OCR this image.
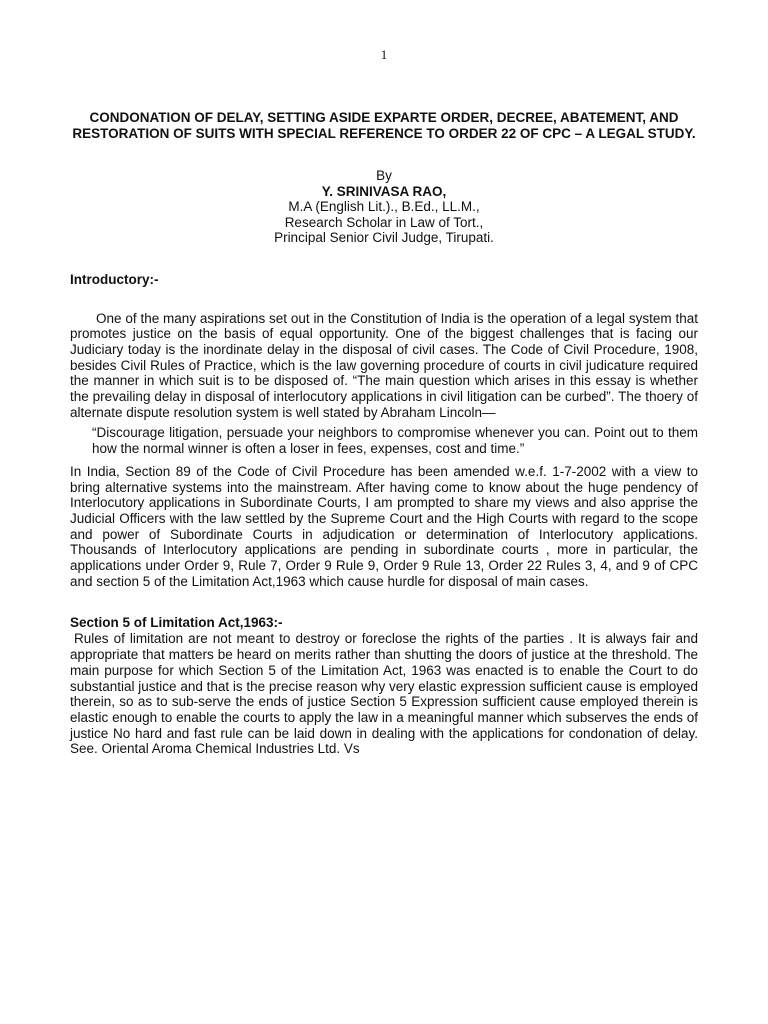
1
CONDONATION OF DELAY, SETTING ASIDE EXPARTE ORDER, DECREE, ABATEMENT, AND RESTORATION OF SUITS WITH SPECIAL REFERENCE TO ORDER 22 OF CPC – A LEGAL STUDY.
By
Y. SRINIVASA RAO,
M.A (English Lit.)., B.Ed., LL.M.,
Research Scholar in Law of Tort.,
Principal Senior Civil Judge, Tirupati.
Introductory:-

One of the many aspirations set out in the Constitution of India is the operation of a legal system that promotes justice on the basis of equal opportunity. One of the biggest challenges that is facing our Judiciary today is the inordinate delay in the disposal of civil cases. The Code of Civil Procedure, 1908, besides Civil Rules of Practice, which is the law governing procedure of courts in civil judicature required the manner in which suit is to be disposed of. “The main question which arises in this essay is whether the prevailing delay in disposal of interlocutory applications in civil litigation can be curbed”. The thoery of alternate dispute resolution system is well stated by Abraham Lincoln—

“Discourage litigation, persuade your neighbors to compromise whenever you can. Point out to them how the normal winner is often a loser in fees, expenses, cost and time.”

In India, Section 89 of the Code of Civil Procedure has been amended w.e.f. 1-7-2002 with a view to bring alternative systems into the mainstream. After having come to know about the huge pendency of Interlocutory applications in Subordinate Courts, I am prompted to share my views and also apprise the Judicial Officers with the law settled by the Supreme Court and the High Courts with regard to the scope and power of Subordinate Courts in adjudication or determination of Interlocutory applications. Thousands of Interlocutory applications are pending in subordinate courts , more in particular, the applications under Order 9, Rule 7, Order 9 Rule 9, Order 9 Rule 13, Order 22 Rules 3, 4, and 9 of CPC and section 5 of the Limitation Act,1963 which cause hurdle for disposal of main cases.

Section 5 of Limitation Act,1963:-

Rules of limitation are not meant to destroy or foreclose the rights of the parties . It is always fair and appropriate that matters be heard on merits rather than shutting the doors of justice at the threshold. The main purpose for which Section 5 of the Limitation Act, 1963 was enacted is to enable the Court to do substantial justice and that is the precise reason why very elastic expression sufficient cause is employed therein, so as to sub-serve the ends of justice Section 5 Expression sufficient cause employed therein is elastic enough to enable the courts to apply the law in a meaningful manner which subserves the ends of justice No hard and fast rule can be laid down in dealing with the applications for condonation of delay. See. Oriental Aroma Chemical Industries Ltd. Vs
